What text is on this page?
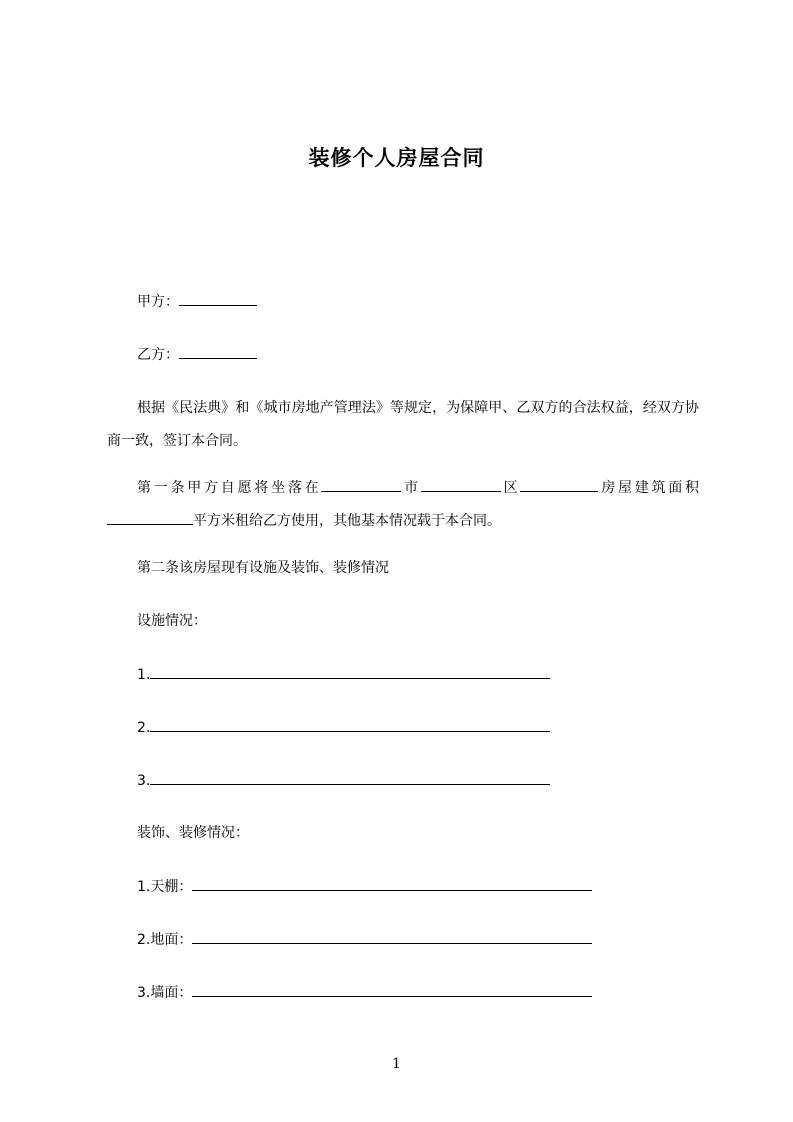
装修个人房屋合同
甲方：
乙方：
根据《民法典》和《城市房地产管理法》等规定，为保障甲、乙双方的合法权益，经双方协商一致，签订本合同。
第一条甲方自愿将坐落在	市	区	房屋建筑面积平方米租给乙方使用，其他基本情况载于本合同。
第二条该房屋现有设施及装饰、装修情况
设施情况：
1.
2.
3.
装饰、装修情况：
1.天棚：
2.地面：
3.墙面：
1
